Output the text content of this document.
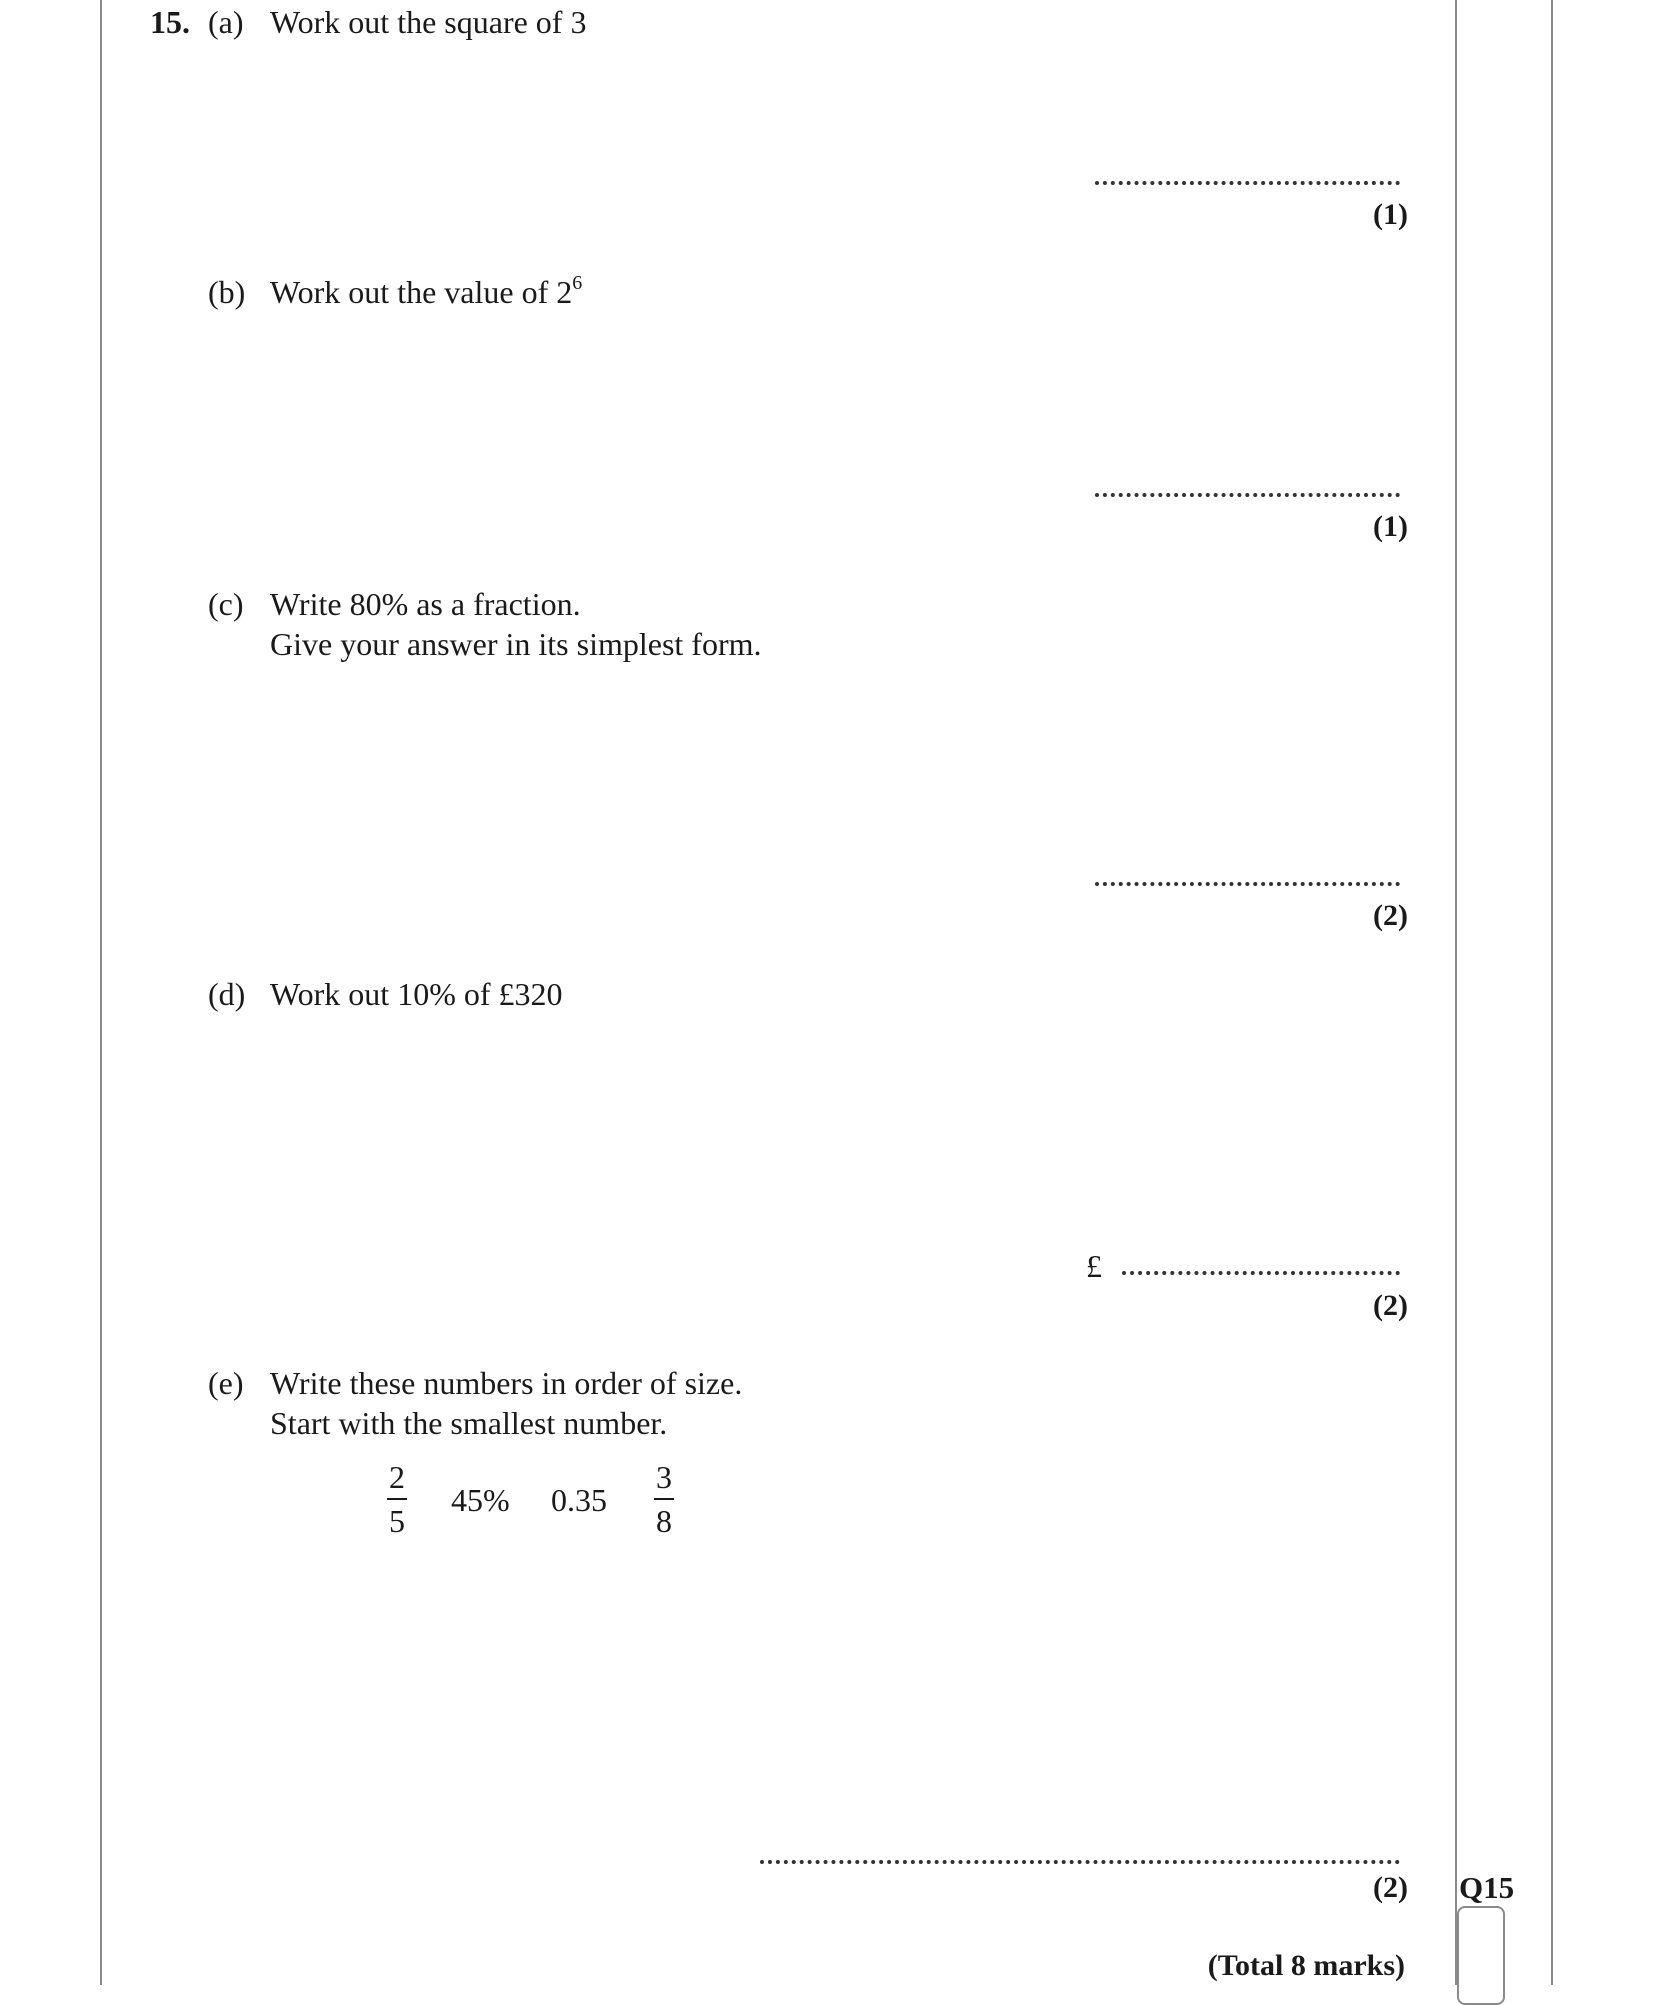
15. (a) Work out the square of 3
(1)
(b) Work out the value of $2^6$
(1)
(c) Write 80% as a fraction.
Give your answer in its simplest form.
(2)
(d) Work out 10% of £320
£
(2)
(e) Write these numbers in order of size.
Start with the smallest number.
2
5
45% 0.35
3
8
(2) Q15
(Total 8 marks)
